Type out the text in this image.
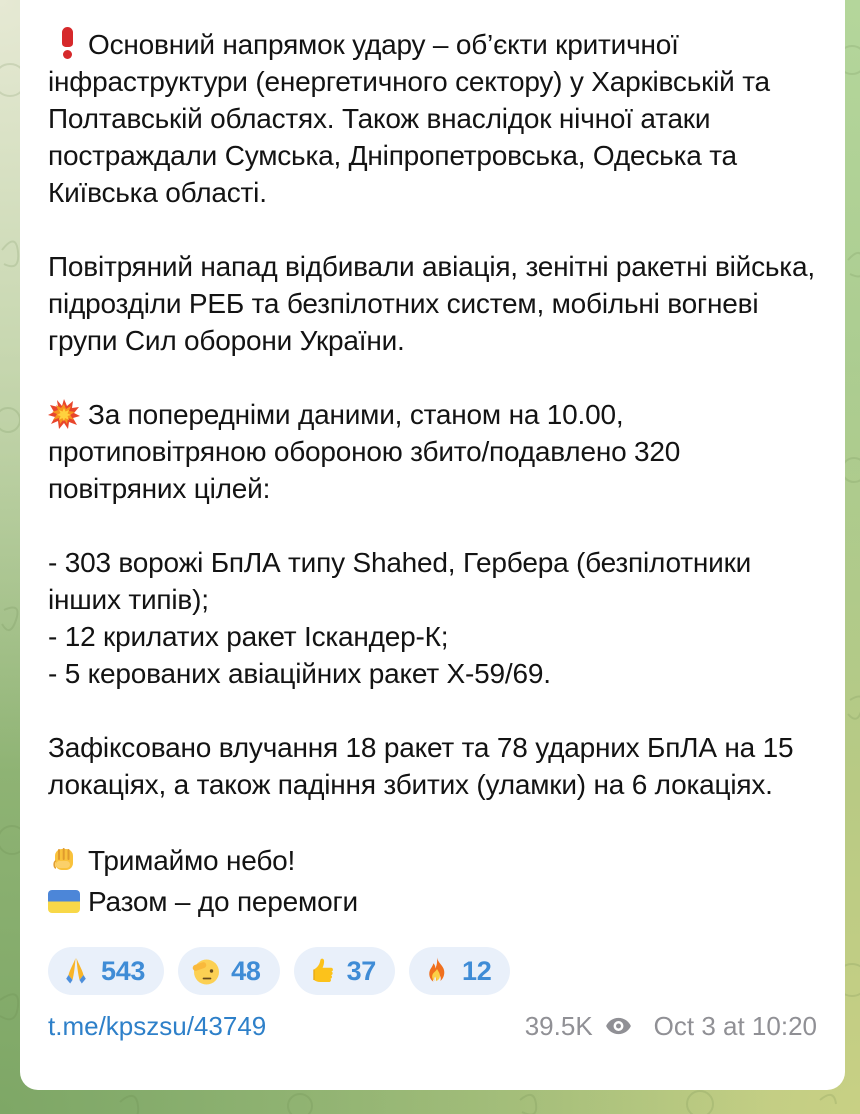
Основний напрямок удару – об’єкти критичної інфраструктури (енергетичного сектору) у Харківській та Полтавській областях. Також внаслідок нічної атаки постраждали Сумська, Дніпропетровська, Одеська та Київська області.

Повітряний напад відбивали авіація, зенітні ракетні війська, підрозділи РЕБ та безпілотних систем, мобільні вогневі групи Сил оборони України.

За попередніми даними, станом на 10.00, протиповітряною обороною збито/подавлено 320 повітряних цілей:

- 303 ворожі БпЛА типу Shahed, Гербера (безпілотники інших типів);
- 12 крилатих ракет Іскандер-К;
- 5 керованих авіаційних ракет Х-59/69.

Зафіксовано влучання 18 ракет та 78 ударних БпЛА на 15 локаціях, а також падіння збитих (уламки) на 6 локаціях.

Тримаймо небо!
Разом – до перемоги

543	48	37	12
t.me/kpszsu/43749	39.5K Oct 3 at 10:20
